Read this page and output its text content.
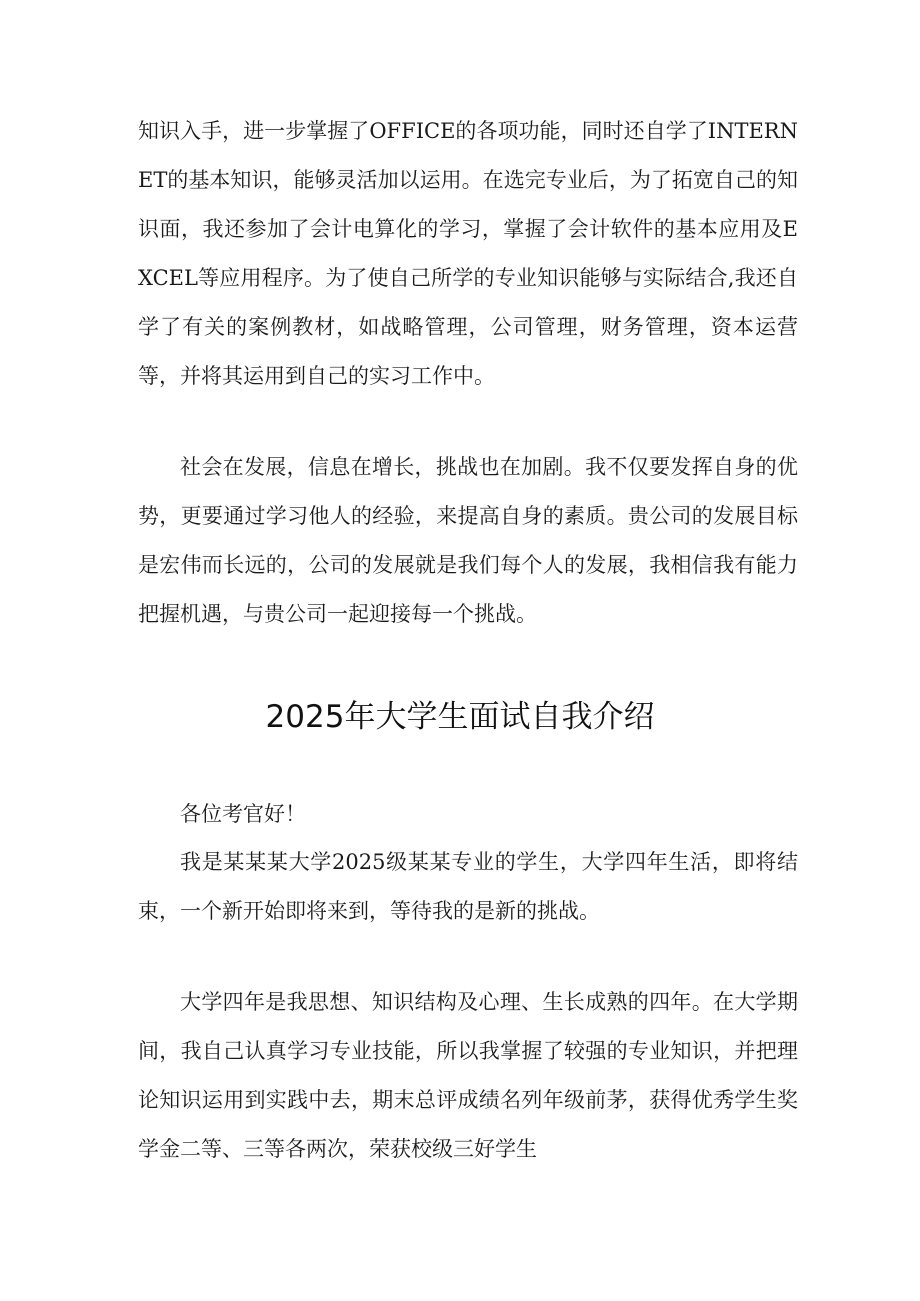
知识入手，进一步掌握了OFFICE的各项功能，同时还自学了INTERNET的基本知识，能够灵活加以运用。在选完专业后，为了拓宽自己的知识面，我还参加了会计电算化的学习，掌握了会计软件的基本应用及EXCEL等应用程序。为了使自己所学的专业知识能够与实际结合,我还自学了有关的案例教材，如战略管理，公司管理，财务管理，资本运营等，并将其运用到自己的实习工作中。

社会在发展，信息在增长，挑战也在加剧。我不仅要发挥自身的优势，更要通过学习他人的经验，来提高自身的素质。贵公司的发展目标是宏伟而长远的，公司的发展就是我们每个人的发展，我相信我有能力把握机遇，与贵公司一起迎接每一个挑战。

2025年大学生面试自我介绍

各位考官好！

我是某某某大学2025级某某专业的学生，大学四年生活，即将结束，一个新开始即将来到，等待我的是新的挑战。

大学四年是我思想、知识结构及心理、生长成熟的四年。在大学期间，我自己认真学习专业技能，所以我掌握了较强的专业知识，并把理论知识运用到实践中去，期末总评成绩名列年级前茅，获得优秀学生奖学金二等、三等各两次，荣获校级三好学生
